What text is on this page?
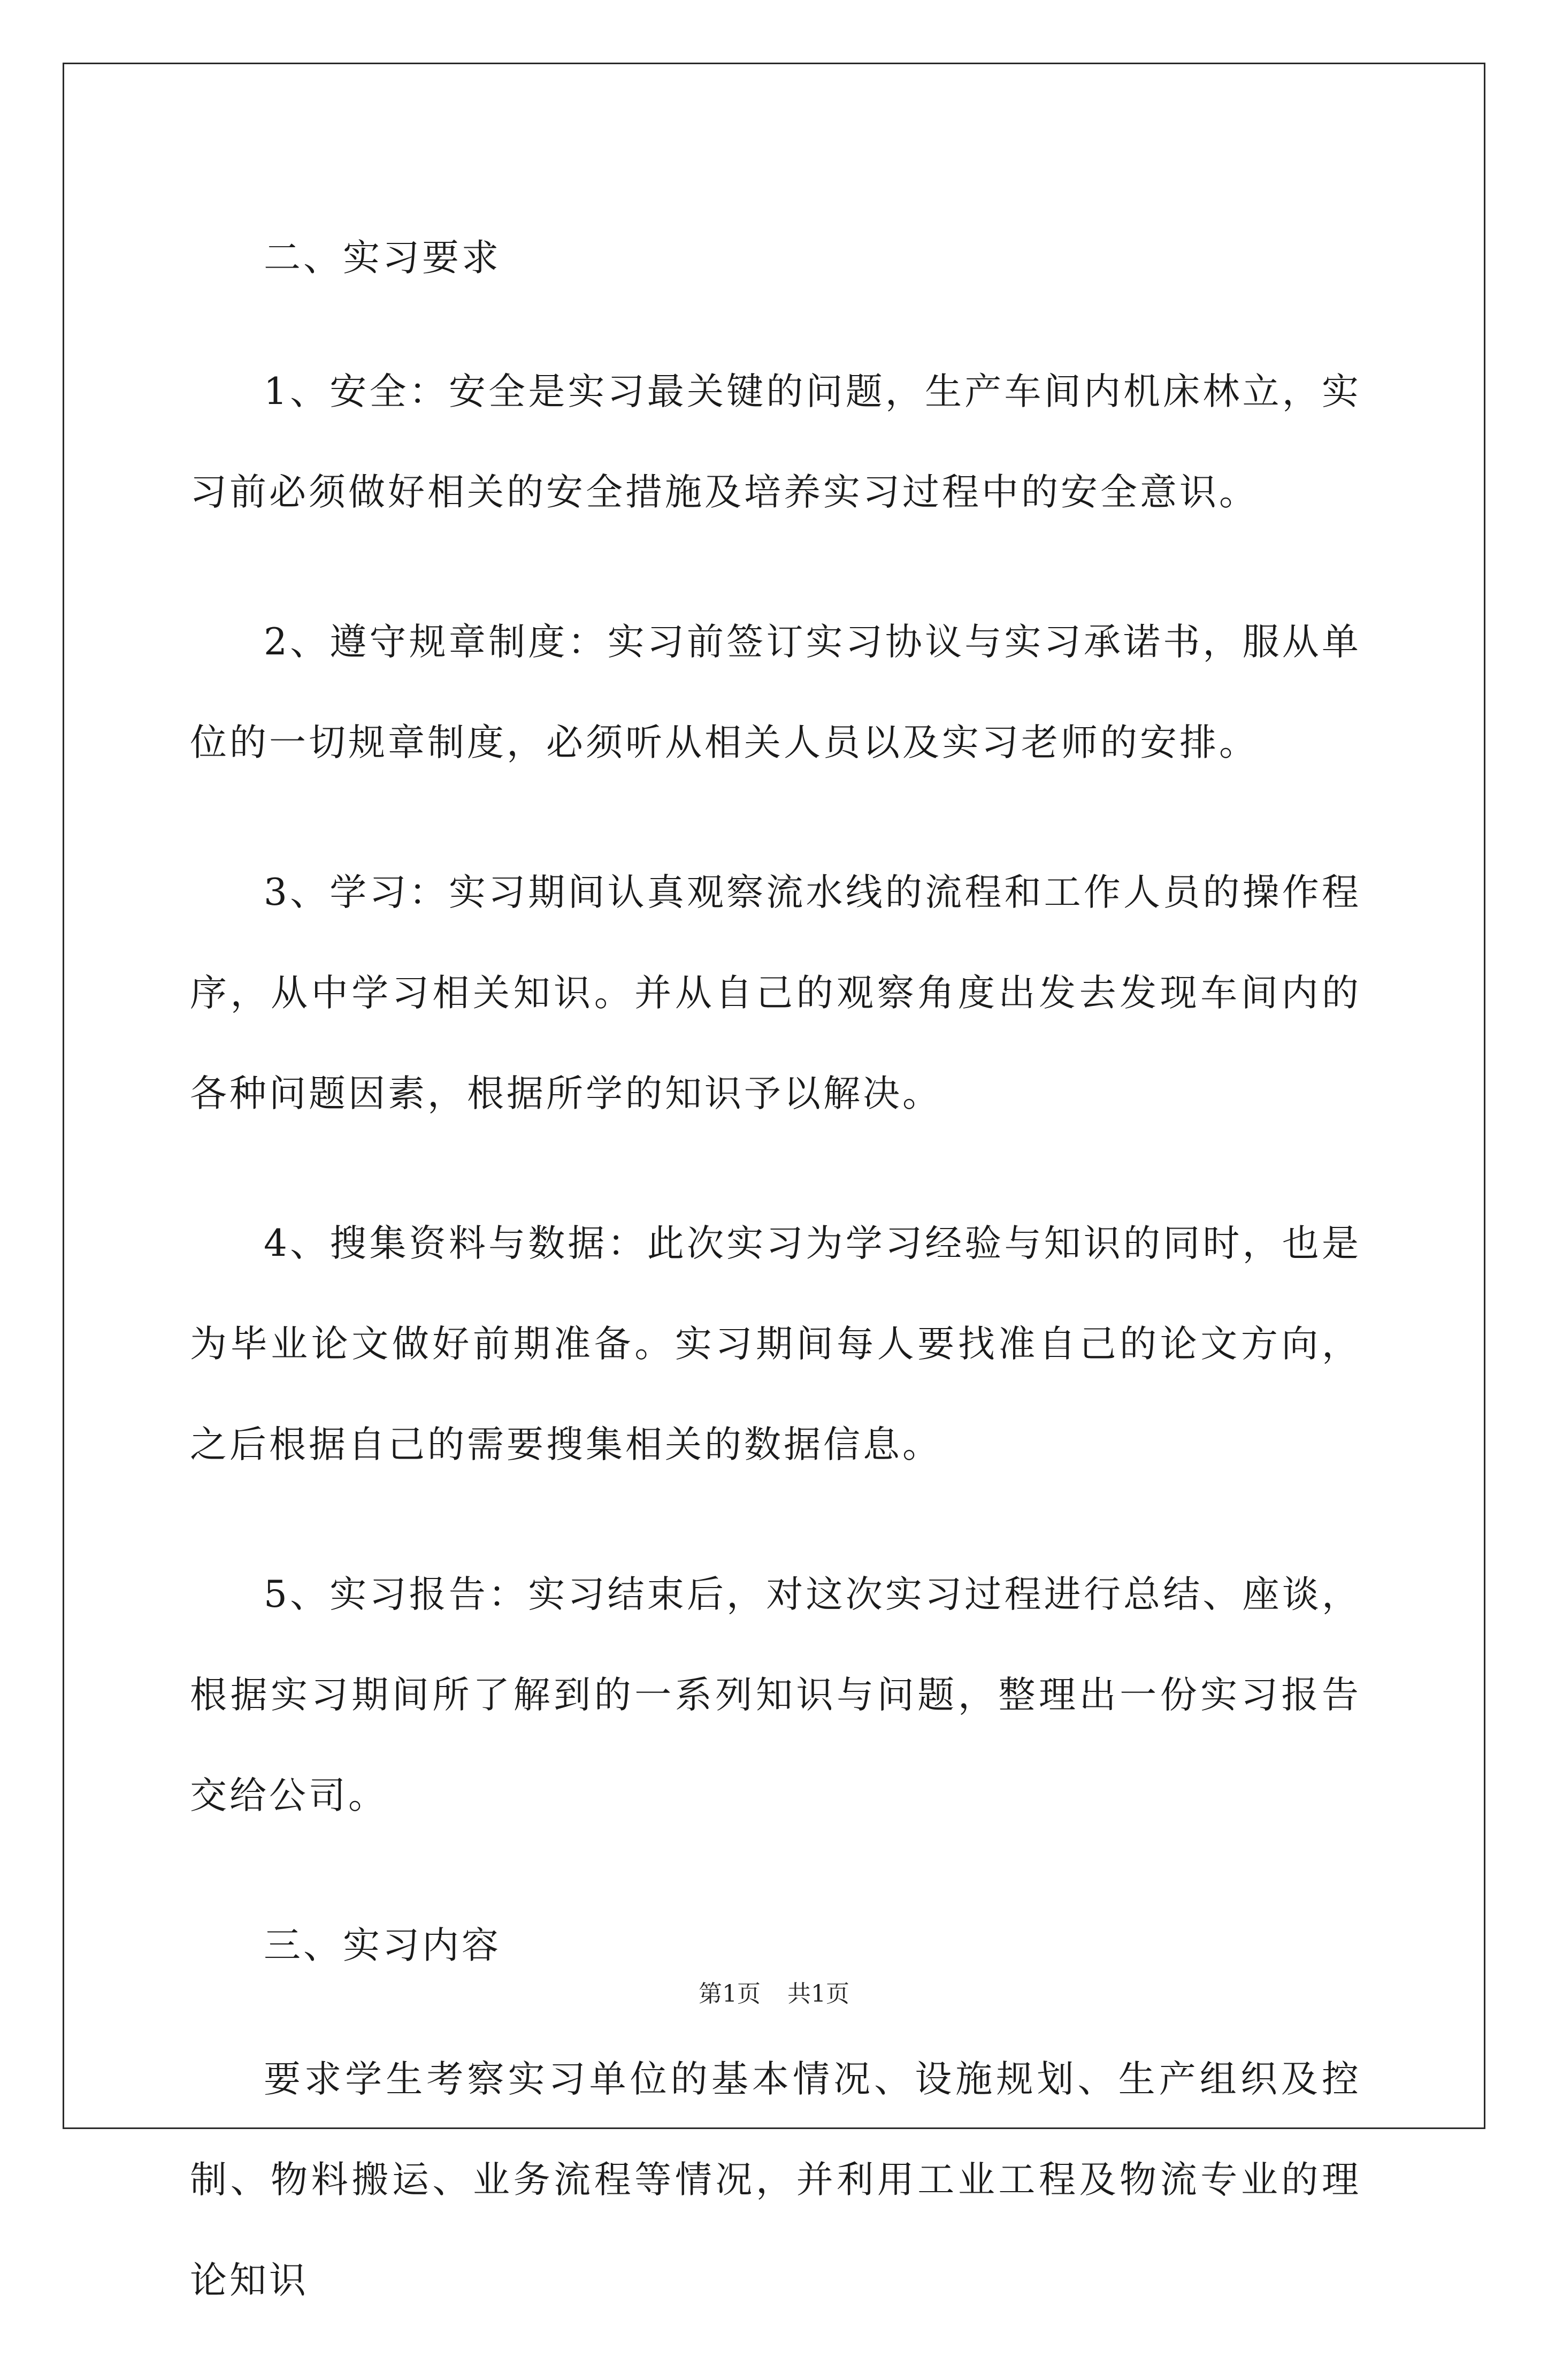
二、实习要求

1、安全：安全是实习最关键的问题，生产车间内机床林立，实习前必须做好相关的安全措施及培养实习过程中的安全意识。

2、遵守规章制度：实习前签订实习协议与实习承诺书，服从单位的一切规章制度，必须听从相关人员以及实习老师的安排。

3、学习：实习期间认真观察流水线的流程和工作人员的操作程序，从中学习相关知识。并从自己的观察角度出发去发现车间内的各种问题因素，根据所学的知识予以解决。

4、搜集资料与数据：此次实习为学习经验与知识的同时，也是为毕业论文做好前期准备。实习期间每人要找准自己的论文方向，之后根据自己的需要搜集相关的数据信息。

5、实习报告：实习结束后，对这次实习过程进行总结、座谈，根据实习期间所了解到的一系列知识与问题，整理出一份实习报告交给公司。

三、实习内容

要求学生考察实习单位的基本情况、设施规划、生产组织及控制、物料搬运、业务流程等情况，并利用工业工程及物流专业的理论知识

第1页 共1页
